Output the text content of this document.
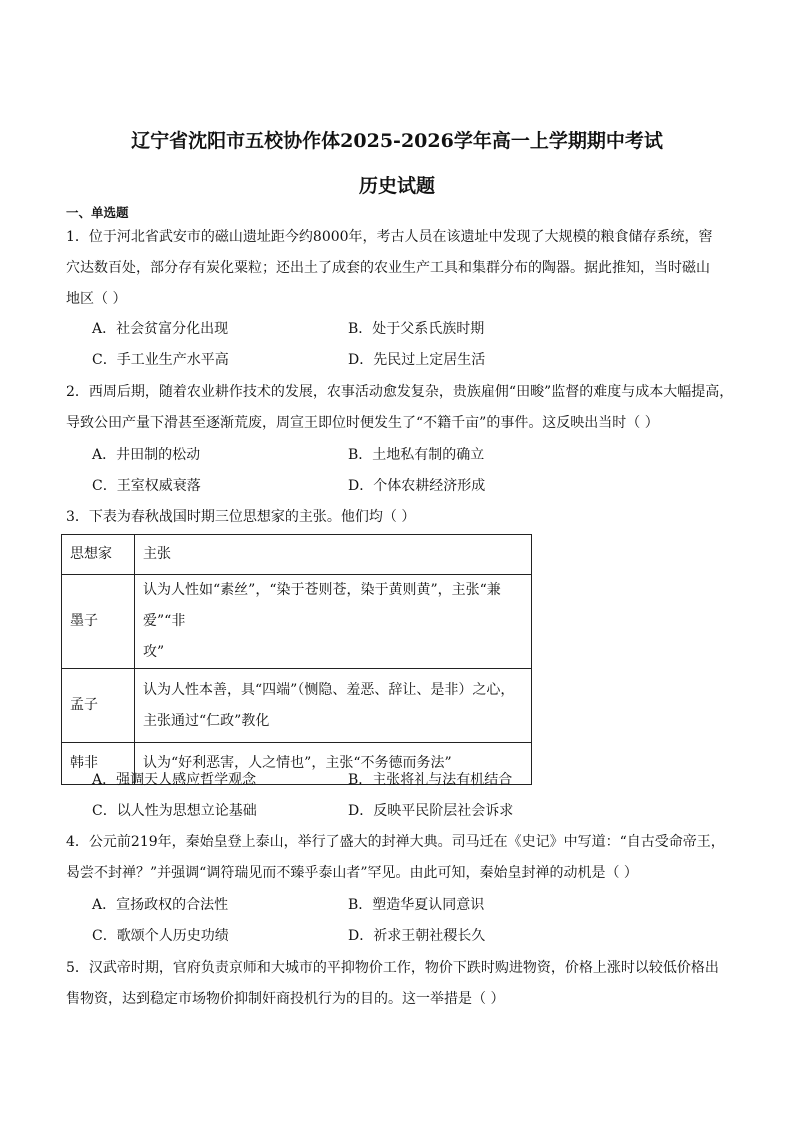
辽宁省沈阳市五校协作体2025-2026学年高一上学期期中考试
历史试题
一、单选题
1．位于河北省武安市的磁山遗址距今约8000年，考古人员在该遗址中发现了大规模的粮食储存系统，窖
穴达数百处，部分存有炭化粟粒；还出土了成套的农业生产工具和集群分布的陶器。据此推知，当时磁山
地区（ ）
A．社会贫富分化出现	B．处于父系氏族时期
C．手工业生产水平高	D．先民过上定居生活
2．西周后期，随着农业耕作技术的发展，农事活动愈发复杂，贵族雇佣“田畯”监督的难度与成本大幅提高，
导致公田产量下滑甚至逐渐荒废，周宣王即位时便发生了“不籍千亩”的事件。这反映出当时（ ）
A．井田制的松动	B．土地私有制的确立
C．王室权威衰落	D．个体农耕经济形成
3．下表为春秋战国时期三位思想家的主张。他们均（ ）
思想家	主张
墨子	认为人性如“素丝”，“染于苍则苍，染于黄则黄”，主张“兼爱”“非
攻”

孟子	认为人性本善，具“四端”（恻隐、羞恶、辞让、是非）之心，
主张通过“仁政”教化

韩非	认为“好利恶害，人之情也”，主张“不务德而务法”
A．强调天人感应哲学观念	B．主张将礼与法有机结合
C．以人性为思想立论基础	D．反映平民阶层社会诉求
4．公元前219年，秦始皇登上泰山，举行了盛大的封禅大典。司马迁在《史记》中写道：“自古受命帝王，
曷尝不封禅？”并强调“调符瑞见而不臻乎泰山者”罕见。由此可知，秦始皇封禅的动机是（ ）
A．宣扬政权的合法性	B．塑造华夏认同意识
C．歌颂个人历史功绩	D．祈求王朝社稷长久
5．汉武帝时期，官府负责京师和大城市的平抑物价工作，物价下跌时购进物资，价格上涨时以较低价格出
售物资，达到稳定市场物价抑制奸商投机行为的目的。这一举措是（ ）
